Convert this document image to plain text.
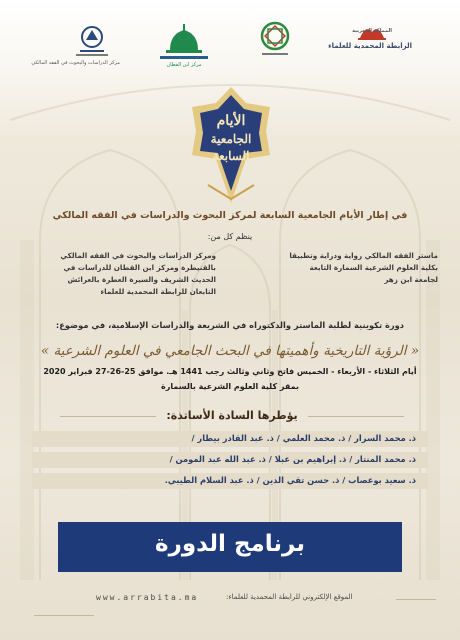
مركز الدراسات والبحوث في الفقه المالكي	مركز ابن القطان
المملكة المغربية
الرابطة المحمدية للعلماء
الأيام
الجامعية
السابعة
في إطار الأيام الجامعية السابعة لمركز البحوث والدراسات في الفقه المالكي
ينظم كل من:
ماستر الفقه المالكي رواية ودراية وتطبيقا
بكلية العلوم الشرعية السمارة التابعة
لجامعة ابن زهر
ومركز الدراسات والبحوث في الفقه المالكي
بالقنيطرة ومركز ابن القطان للدراسات في
الحديث الشريف والسيرة العطرة بالعرائش
التابعان للرابطة المحمدية للعلماء
دورة تكوينية لطلبة الماستر والدكتوراه في الشريعة والدراسات الإسلامية، في موضوع:
« الرؤية التاريخية وأهميتها في البحث الجامعي في العلوم الشرعية »
أيام الثلاثاء - الأربعاء - الخميس فاتح وثاني وثالث رجب 1441 هـ. موافق 25-26-27 فبراير 2020
بمقر كلية العلوم الشرعية بالسمارة
يؤطرها السادة الأساتذة:
ذ. محمد السرار / ذ. محمد العلمي / ذ. عبد القادر بيطار /
ذ. محمد المنتار / ذ. إبراهيم بن عبلا / ذ. عبد الله عبد المومن /
ذ. سعيد بوعصاب / ذ. حسن تقي الدين / ذ. عبد السلام الطيبي.
برنامج الدورة
www.arrabita.ma	الموقع الإلكتروني للرابطة المحمدية للعلماء:
